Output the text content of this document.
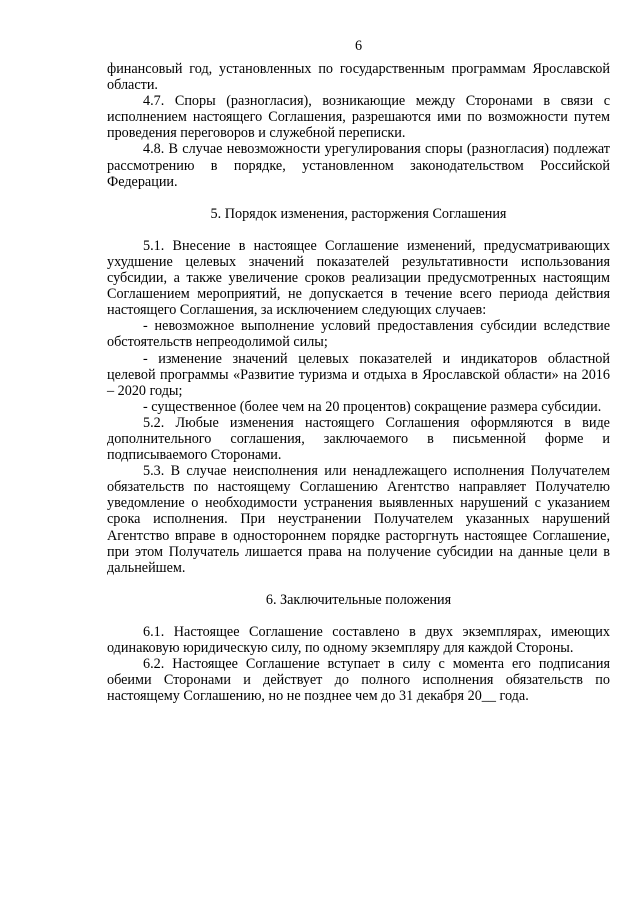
6

финансовый год, установленных по государственным программам Ярославской области.

4.7. Споры (разногласия), возникающие между Сторонами в связи с исполнением настоящего Соглашения, разрешаются ими по возможности путем проведения переговоров и служебной переписки.

4.8. В случае невозможности урегулирования споры (разногласия) подлежат рассмотрению в порядке, установленном законодательством Российской Федерации.

5. Порядок изменения, расторжения Соглашения

5.1. Внесение в настоящее Соглашение изменений, предусматривающих ухудшение целевых значений показателей результативности использования субсидии, а также увеличение сроков реализации предусмотренных настоящим Соглашением мероприятий, не допускается в течение всего периода действия настоящего Соглашения, за исключением следующих случаев:

- невозможное выполнение условий предоставления субсидии вследствие обстоятельств непреодолимой силы;

- изменение значений целевых показателей и индикаторов областной целевой программы «Развитие туризма и отдыха в Ярославской области» на 2016 – 2020 годы;

- существенное (более чем на 20 процентов) сокращение размера субсидии.

5.2. Любые изменения настоящего Соглашения оформляются в виде дополнительного соглашения, заключаемого в письменной форме и подписываемого Сторонами.

5.3. В случае неисполнения или ненадлежащего исполнения Получателем обязательств по настоящему Соглашению Агентство направляет Получателю уведомление о необходимости устранения выявленных нарушений с указанием срока исполнения. При неустранении Получателем указанных нарушений Агентство вправе в одностороннем порядке расторгнуть настоящее Соглашение, при этом Получатель лишается права на получение субсидии на данные цели в дальнейшем.

6. Заключительные положения

6.1. Настоящее Соглашение составлено в двух экземплярах, имеющих одинаковую юридическую силу, по одному экземпляру для каждой Стороны.

6.2. Настоящее Соглашение вступает в силу с момента его подписания обеими Сторонами и действует до полного исполнения обязательств по настоящему Соглашению, но не позднее чем до 31 декабря 20__ года.
